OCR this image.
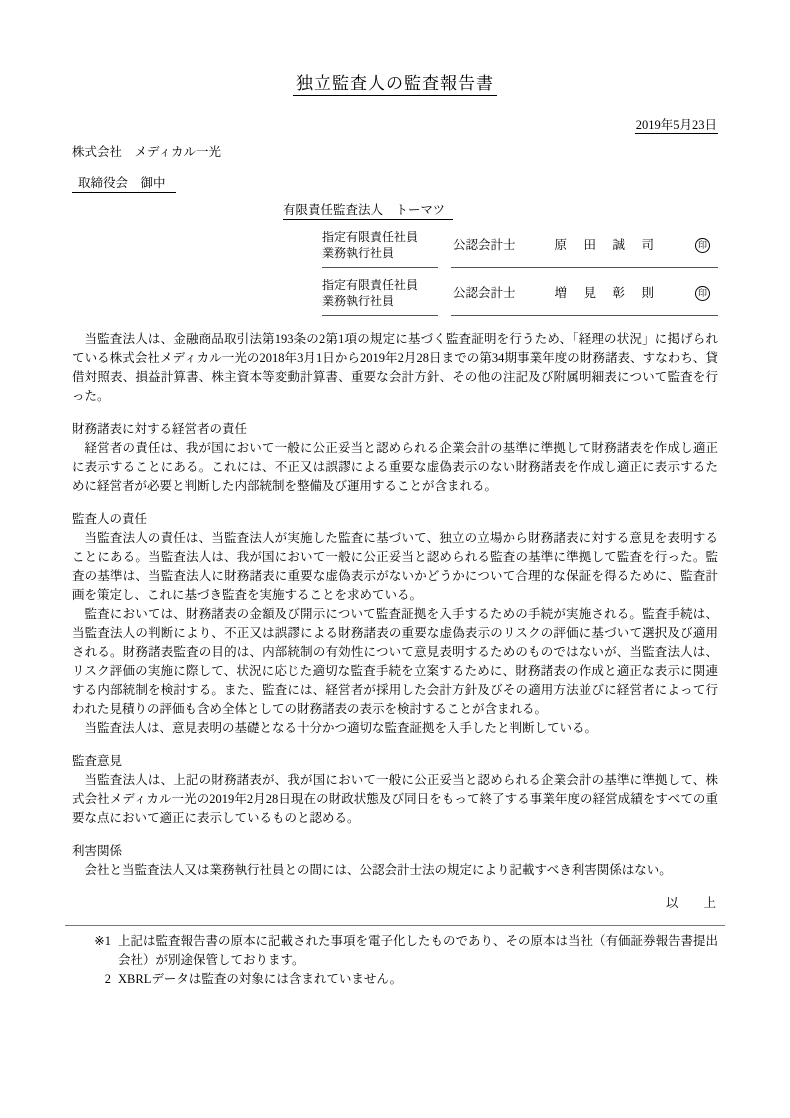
独立監査人の監査報告書
2019年5月23日
株式会社　メディカル一光
取締役会　御中
有限責任監査法人　トーマツ
指定有限責任社員
業務執行社員
公認会計士	原　田　誠　司	印
指定有限責任社員
業務執行社員
公認会計士	増　見　彰　則	印

当監査法人は、金融商品取引法第193条の2第1項の規定に基づく監査証明を行うため、「経理の状況」に掲げられている株式会社メディカル一光の2018年3月1日から2019年2月28日までの第34期事業年度の財務諸表、すなわち、貸借対照表、損益計算書、株主資本等変動計算書、重要な会計方針、その他の注記及び附属明細表について監査を行った。

財務諸表に対する経営者の責任

経営者の責任は、我が国において一般に公正妥当と認められる企業会計の基準に準拠して財務諸表を作成し適正に表示することにある。これには、不正又は誤謬による重要な虚偽表示のない財務諸表を作成し適正に表示するために経営者が必要と判断した内部統制を整備及び運用することが含まれる。

監査人の責任

当監査法人の責任は、当監査法人が実施した監査に基づいて、独立の立場から財務諸表に対する意見を表明することにある。当監査法人は、我が国において一般に公正妥当と認められる監査の基準に準拠して監査を行った。監査の基準は、当監査法人に財務諸表に重要な虚偽表示がないかどうかについて合理的な保証を得るために、監査計画を策定し、これに基づき監査を実施することを求めている。

監査においては、財務諸表の金額及び開示について監査証拠を入手するための手続が実施される。監査手続は、当監査法人の判断により、不正又は誤謬による財務諸表の重要な虚偽表示のリスクの評価に基づいて選択及び適用される。財務諸表監査の目的は、内部統制の有効性について意見表明するためのものではないが、当監査法人は、リスク評価の実施に際して、状況に応じた適切な監査手続を立案するために、財務諸表の作成と適正な表示に関連する内部統制を検討する。また、監査には、経営者が採用した会計方針及びその適用方法並びに経営者によって行われた見積りの評価も含め全体としての財務諸表の表示を検討することが含まれる。

当監査法人は、意見表明の基礎となる十分かつ適切な監査証拠を入手したと判断している。

監査意見

当監査法人は、上記の財務諸表が、我が国において一般に公正妥当と認められる企業会計の基準に準拠して、株式会社メディカル一光の2019年2月28日現在の財政状態及び同日をもって終了する事業年度の経営成績をすべての重要な点において適正に表示しているものと認める。

利害関係

会社と当監査法人又は業務執行社員との間には、公認会計士法の規定により記載すべき利害関係はない。

以　　上
※1 上記は監査報告書の原本に記載された事項を電子化したものであり、その原本は当社（有価証券報告書提出会社）が別途保管しております。
2 XBRLデータは監査の対象には含まれていません。
